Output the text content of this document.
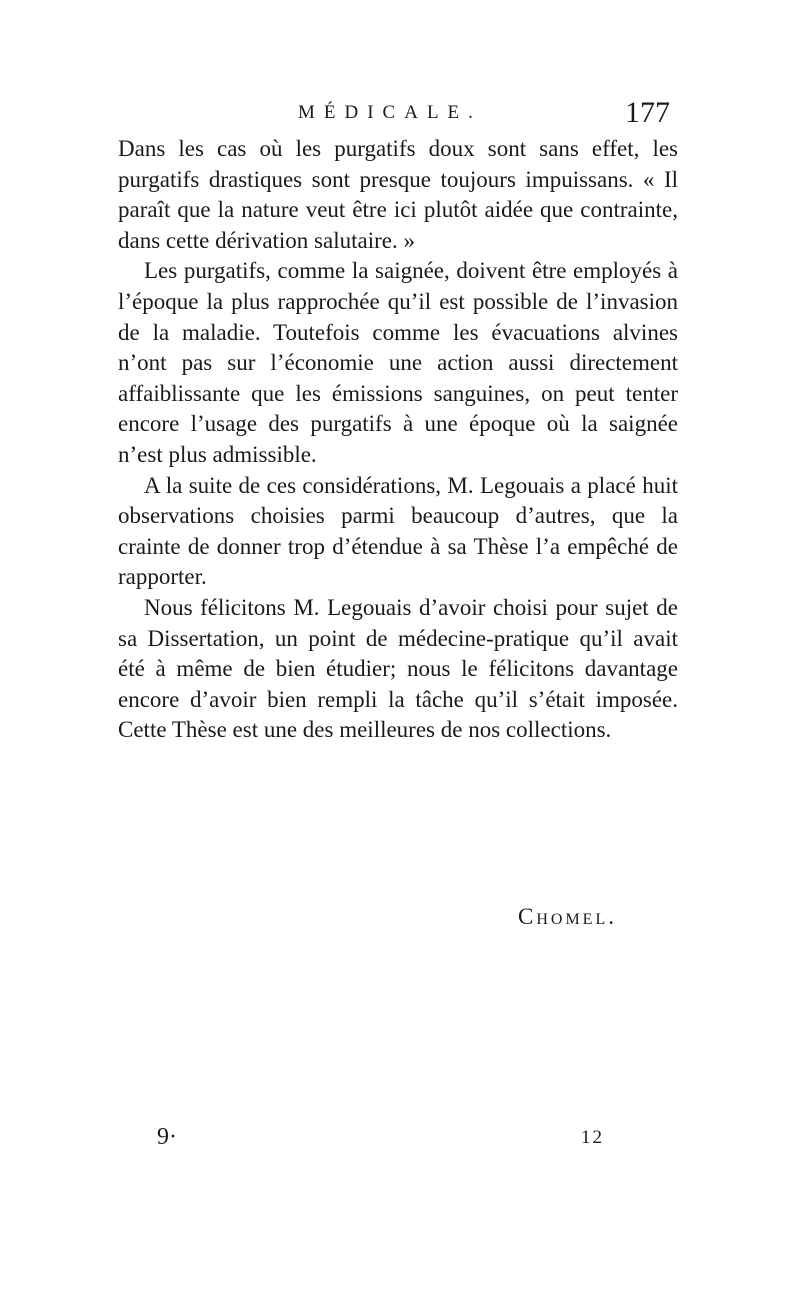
MÉDICALE.	177

Dans les cas où les purgatifs doux sont sans effet, les purgatifs drastiques sont presque toujours impuissans. « Il paraît que la nature veut être ici plutôt aidée que contrainte, dans cette dérivation salutaire. »

Les purgatifs, comme la saignée, doivent être employés à l’époque la plus rapprochée qu’il est possible de l’invasion de la maladie. Toutefois comme les évacuations alvines n’ont pas sur l’économie une action aussi directement affaiblissante que les émissions sanguines, on peut tenter encore l’usage des purgatifs à une époque où la saignée n’est plus admissible.

A la suite de ces considérations, M. Legouais a placé huit observations choisies parmi beaucoup d’autres, que la crainte de donner trop d’étendue à sa Thèse l’a empêché de rapporter.

Nous félicitons M. Legouais d’avoir choisi pour sujet de sa Dissertation, un point de médecine-pratique qu’il avait été à même de bien étudier; nous le félicitons davantage encore d’avoir bien rempli la tâche qu’il s’était imposée. Cette Thèse est une des meilleures de nos collections.

Chomel.
9·	12
